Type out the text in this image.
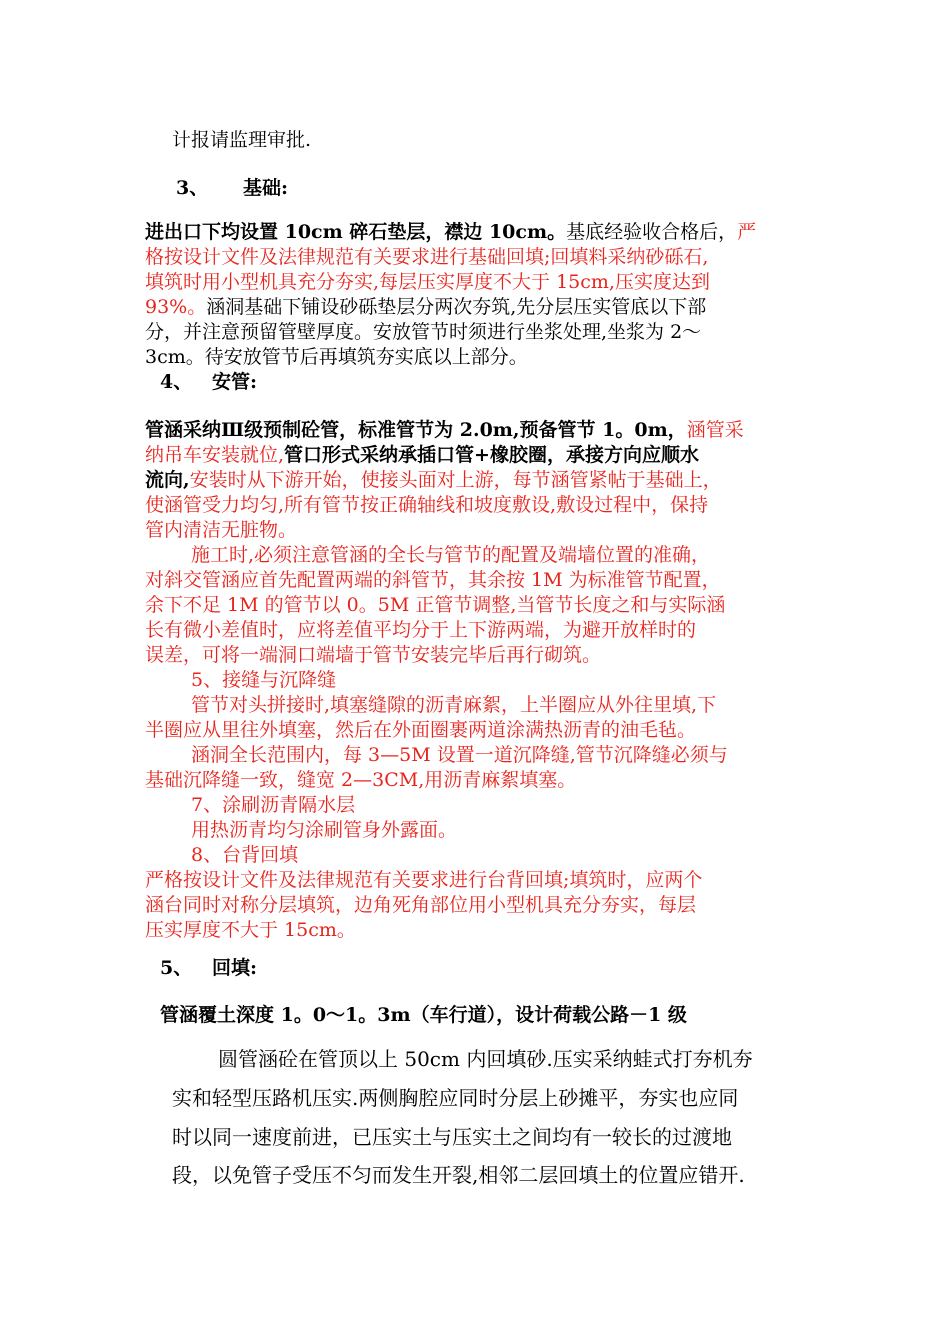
计报请监理审批.
3、 基础:
进出口下均设置 10cm 碎石垫层，襟边 10cm。基底经验收合格后，严
格按设计文件及法律规范有关要求进行基础回填;回填料采纳砂砾石,
填筑时用小型机具充分夯实,每层压实厚度不大于 15cm,压实度达到
93%。涵洞基础下铺设砂砾垫层分两次夯筑,先分层压实管底以下部
分，并注意预留管壁厚度。安放管节时须进行坐浆处理,坐浆为 2～
3cm。待安放管节后再填筑夯实底以上部分。
4、 安管:
管涵采纳Ⅲ级预制砼管，标准管节为 2.0m,预备管节 1。0m，涵管采
纳吊车安装就位,管口形式采纳承插口管+橡胶圈，承接方向应顺水
流向,安装时从下游开始，使接头面对上游，每节涵管紧帖于基础上，
使涵管受力均匀,所有管节按正确轴线和坡度敷设,敷设过程中，保持
管内清洁无脏物。
施工时,必须注意管涵的全长与管节的配置及端墙位置的准确，
对斜交管涵应首先配置两端的斜管节，其余按 1M 为标准管节配置，
余下不足 1M 的管节以 0。5M 正管节调整,当管节长度之和与实际涵
长有微小差值时，应将差值平均分于上下游两端，为避开放样时的
误差，可将一端洞口端墙于管节安装完毕后再行砌筑。
5、接缝与沉降缝
管节对头拼接时,填塞缝隙的沥青麻絮，上半圈应从外往里填,下
半圈应从里往外填塞，然后在外面圈裹两道涂满热沥青的油毛毡。
涵洞全长范围内，每 3—5M 设置一道沉降缝,管节沉降缝必须与
基础沉降缝一致，缝宽 2—3CM,用沥青麻絮填塞。
7、涂刷沥青隔水层
用热沥青均匀涂刷管身外露面。
8、台背回填
严格按设计文件及法律规范有关要求进行台背回填;填筑时，应两个
涵台同时对称分层填筑，边角死角部位用小型机具充分夯实，每层
压实厚度不大于 15cm。
5、 回填:
管涵覆土深度 1。0～1。3m（车行道），设计荷载公路－1 级
圆管涵砼在管顶以上 50cm 内回填砂.压实采纳蛙式打夯机夯
实和轻型压路机压实.两侧胸腔应同时分层上砂摊平，夯实也应同
时以同一速度前进，已压实土与压实土之间均有一较长的过渡地
段，以免管子受压不匀而发生开裂,相邻二层回填土的位置应错开.
